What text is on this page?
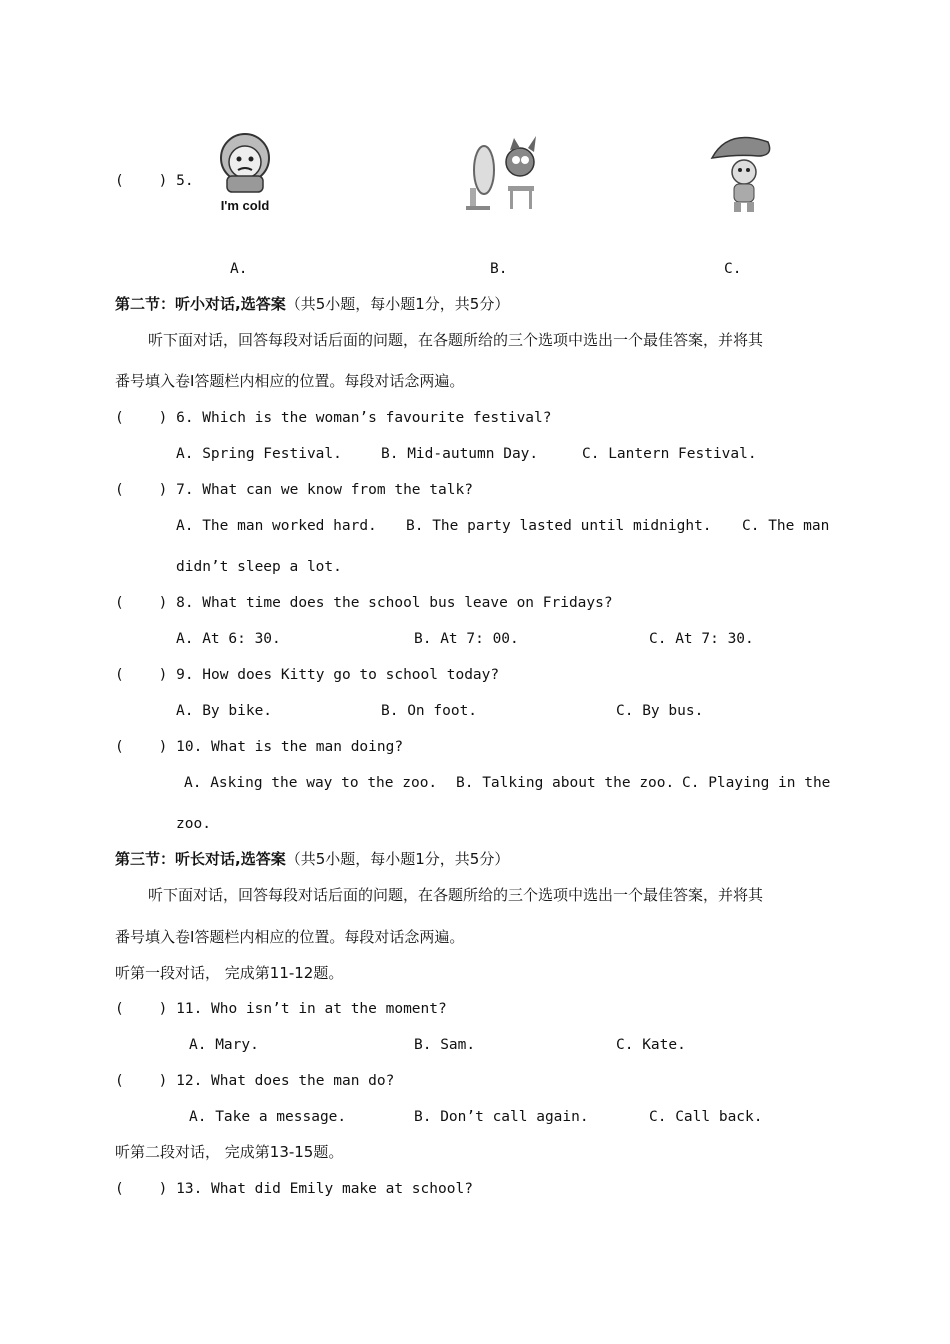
(    ) 5.
I'm cold
A.	B.	C.
第二节：听小对话,选答案（共5小题，每小题1分，共5分）
听下面对话，回答每段对话后面的问题，在各题所给的三个选项中选出一个最佳答案，并将其
番号填入卷Ⅰ答题栏内相应的位置。每段对话念两遍。
(    ) 6. Which is the woman’s favourite festival?
A. Spring Festival.	B. Mid-autumn Day.	C. Lantern Festival.
(    ) 7. What can we know from the talk?
A. The man worked hard. B. The party lasted until midnight. C. The man
didn’t sleep a lot.
(    ) 8. What time does the school bus leave on Fridays?
A. At 6: 30.	B. At 7: 00.	C. At 7: 30.
(    ) 9. How does Kitty go to school today?
A. By bike.	B. On foot.	C. By bus.
(    ) 10. What is the man doing?
A. Asking the way to the zoo. B. Talking about the zoo. C. Playing in the
zoo.
第三节：听长对话,选答案（共5小题，每小题1分，共5分）
听下面对话，回答每段对话后面的问题，在各题所给的三个选项中选出一个最佳答案，并将其
番号填入卷Ⅰ答题栏内相应的位置。每段对话念两遍。
听第一段对话， 完成第11-12题。
(    ) 11. Who isn’t in at the moment?
A. Mary.	B. Sam.	C. Kate.
(    ) 12. What does the man do?
A. Take a message.	B. Don’t call again.	C. Call back.
听第二段对话， 完成第13-15题。
(    ) 13. What did Emily make at school?
